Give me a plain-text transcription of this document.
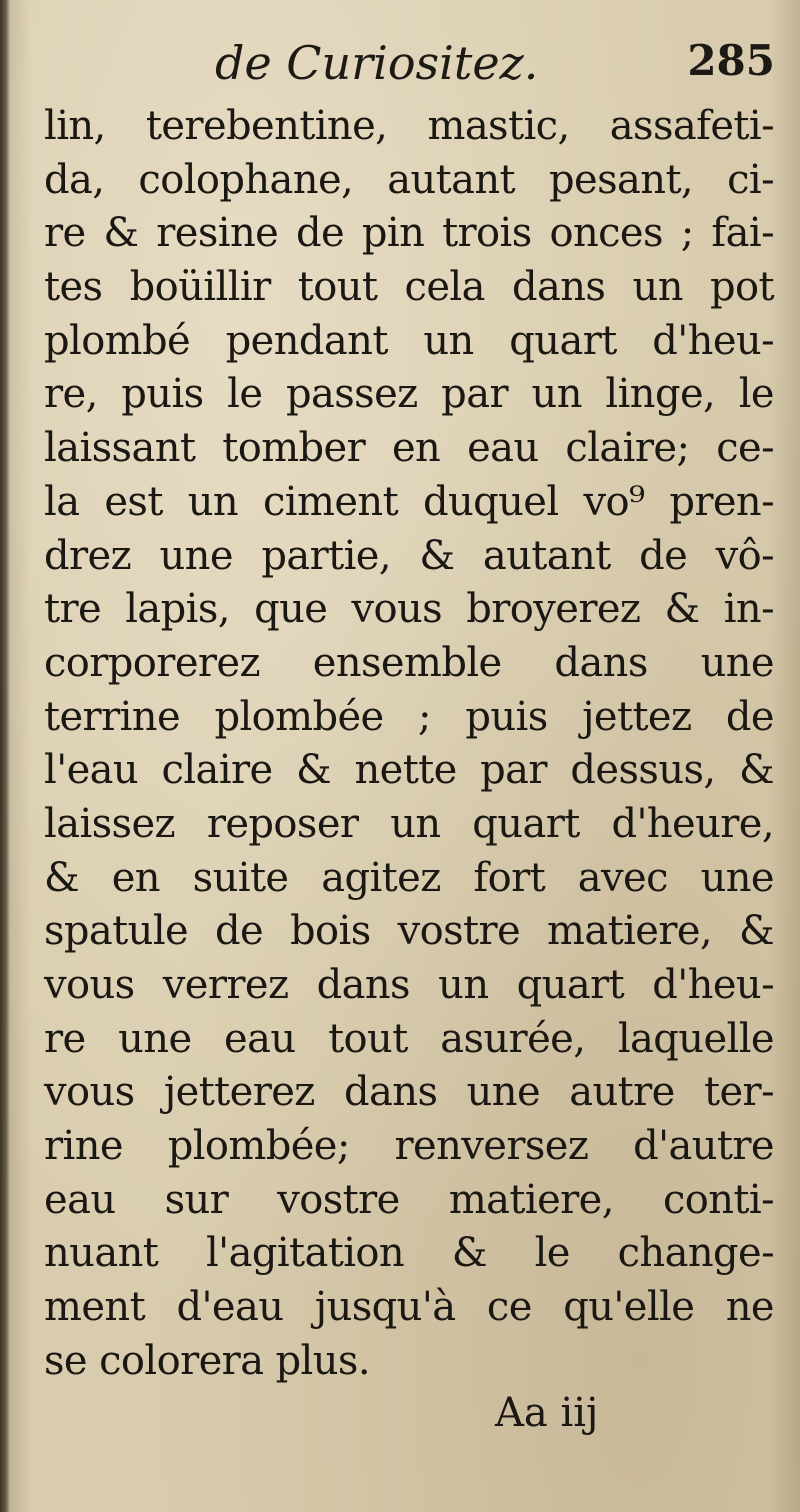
de Curiositez.	285
lin, terebentine, mastic, assafeti-
da, colophane, autant pesant, ci-
re & resine de pin trois onces ; fai-
tes boüillir tout cela dans un pot
plombé pendant un quart d'heu-
re, puis le passez par un linge, le
laissant tomber en eau claire; ce-
la est un ciment duquel vo⁹ pren-
drez une partie, & autant de vô-
tre lapis, que vous broyerez & in-
corporerez ensemble dans une
terrine plombée ; puis jettez de
l'eau claire & nette par dessus, &
laissez reposer un quart d'heure,
& en suite agitez fort avec une
spatule de bois vostre matiere, &
vous verrez dans un quart d'heu-
re une eau tout asurée, laquelle
vous jetterez dans une autre ter-
rine plombée; renversez d'autre
eau sur vostre matiere, conti-
nuant l'agitation & le change-
ment d'eau jusqu'à ce qu'elle ne
se colorera plus.
Aa iij
